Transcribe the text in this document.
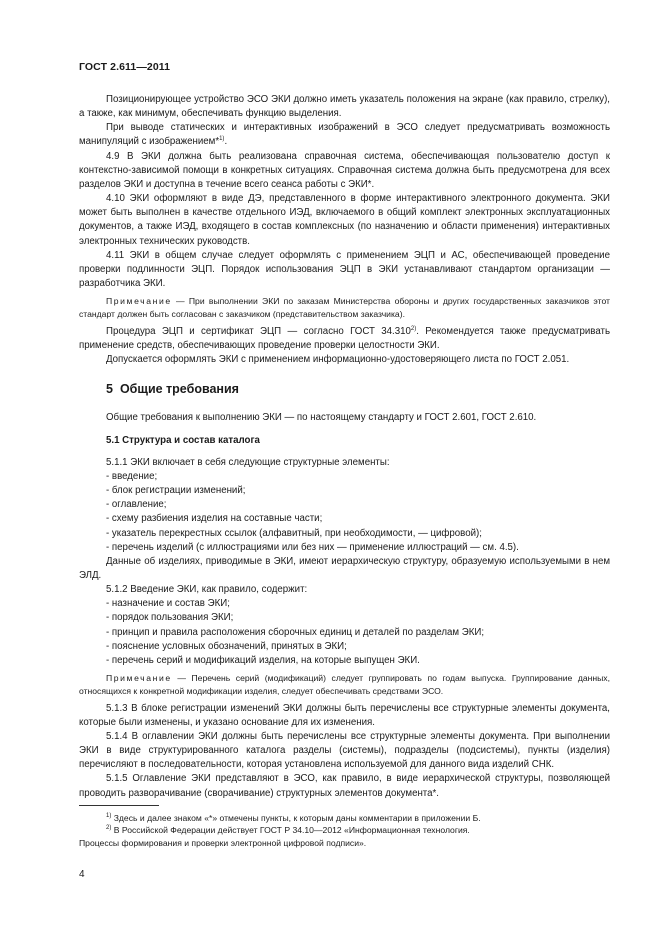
ГОСТ 2.611—2011

Позиционирующее устройство ЭСО ЭКИ должно иметь указатель положения на экране (как правило, стрелку), а также, как минимум, обеспечивать функцию выделения.

При выводе статических и интерактивных изображений в ЭСО следует предусматривать возможность манипуляций с изображением*$^{1)}$.

4.9 В ЭКИ должна быть реализована справочная система, обеспечивающая пользователю доступ к контекстно-зависимой помощи в конкретных ситуациях. Справочная система должна быть предусмотрена для всех разделов ЭКИ и доступна в течение всего сеанса работы с ЭКИ*.

4.10 ЭКИ оформляют в виде ДЭ, представленного в форме интерактивного электронного документа. ЭКИ может быть выполнен в качестве отдельного ИЭД, включаемого в общий комплект электронных эксплуатационных документов, а также ИЭД, входящего в состав комплексных (по назначению и области применения) интерактивных электронных технических руководств.

4.11 ЭКИ в общем случае следует оформлять с применением ЭЦП и АС, обеспечивающей проведение проверки подлинности ЭЦП. Порядок использования ЭЦП в ЭКИ устанавливают стандартом организации — разработчика ЭКИ.

Примечание — При выполнении ЭКИ по заказам Министерства обороны и других государственных заказчиков этот стандарт должен быть согласован с заказчиком (представительством заказчика).

Процедура ЭЦП и сертификат ЭЦП — согласно ГОСТ 34.310$^{2)}$. Рекомендуется также предусматривать применение средств, обеспечивающих проведение проверки целостности ЭКИ.

Допускается оформлять ЭКИ с применением информационно-удостоверяющего листа по ГОСТ 2.051.

5 Общие требования

Общие требования к выполнению ЭКИ — по настоящему стандарту и ГОСТ 2.601, ГОСТ 2.610.

5.1 Структура и состав каталога

5.1.1 ЭКИ включает в себя следующие структурные элементы:

- введение;

- блок регистрации изменений;

- оглавление;

- схему разбиения изделия на составные части;

- указатель перекрестных ссылок (алфавитный, при необходимости, — цифровой);

- перечень изделий (с иллюстрациями или без них — применение иллюстраций — см. 4.5).

Данные об изделиях, приводимые в ЭКИ, имеют иерархическую структуру, образуемую используемыми в нем ЭЛД.

5.1.2 Введение ЭКИ, как правило, содержит:

- назначение и состав ЭКИ;

- порядок пользования ЭКИ;

- принцип и правила расположения сборочных единиц и деталей по разделам ЭКИ;

- пояснение условных обозначений, принятых в ЭКИ;

- перечень серий и модификаций изделия, на которые выпущен ЭКИ.

Примечание — Перечень серий (модификаций) следует группировать по годам выпуска. Группирование данных, относящихся к конкретной модификации изделия, следует обеспечивать средствами ЭСО.

5.1.3 В блоке регистрации изменений ЭКИ должны быть перечислены все структурные элементы документа, которые были изменены, и указано основание для их изменения.

5.1.4 В оглавлении ЭКИ должны быть перечислены все структурные элементы документа. При выполнении ЭКИ в виде структурированного каталога разделы (системы), подразделы (подсистемы), пункты (изделия) перечисляют в последовательности, которая установлена используемой для данного вида изделий СНК.

5.1.5 Оглавление ЭКИ представляют в ЭСО, как правило, в виде иерархической структуры, позволяющей проводить разворачивание (сворачивание) структурных элементов документа*.

$^{1)}$ Здесь и далее знаком «*» отмечены пункты, к которым даны комментарии в приложении Б.

$^{2)}$ В Российской Федерации действует ГОСТ Р 34.10—2012 «Информационная технология.

Процессы формирования и проверки электронной цифровой подписи».

4
